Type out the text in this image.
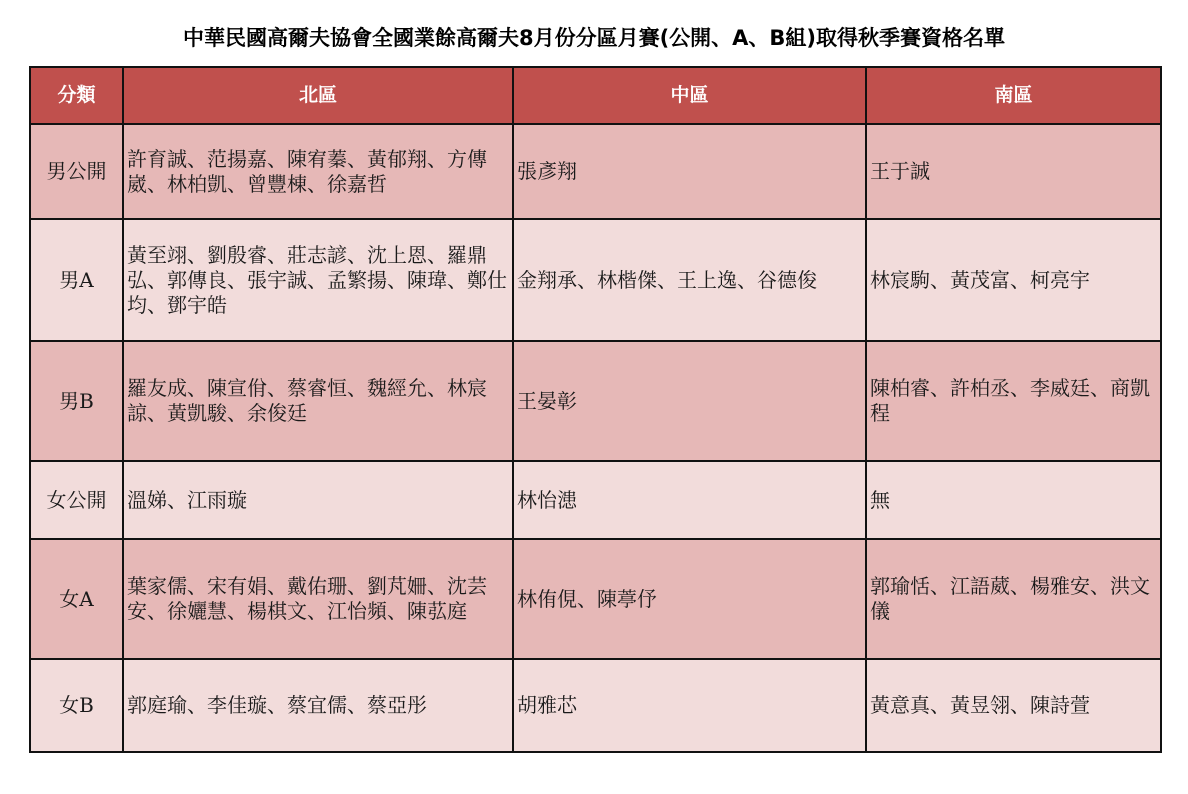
中華民國高爾夫協會全國業餘高爾夫8月份分區月賽(公開、A、B組)取得秋季賽資格名單
分類	北區	中區	南區
男公開	許育誠、范揚嘉、陳宥蓁、黃郁翔、方傳崴、林柏凱、曾豐棟、徐嘉哲	張彥翔	王于誠
男A	黃至翊、劉殷睿、莊志諺、沈上恩、羅鼎弘、郭傳良、張宇誠、孟繁揚、陳瑋、鄭仕均、鄧宇皓	金翔承、林楷傑、王上逸、谷德俊	林宸駒、黃茂富、柯亮宇
男B	羅友成、陳宣佾、蔡睿恒、魏經允、林宸諒、黃凱駿、余俊廷	王晏彰	陳柏睿、許柏丞、李威廷、商凱程
女公開	溫娣、江雨璇	林怡漶	無
女A	葉家儒、宋有娟、戴佑珊、劉芃姍、沈芸安、徐孋慧、楊棋文、江怡頻、陳苰庭	林侑俔、陳葶伃	郭瑜恬、江語葳、楊雅安、洪文儀
女B	郭庭瑜、李佳璇、蔡宜儒、蔡亞彤	胡雅芯	黃意真、黃昱翎、陳詩萱
